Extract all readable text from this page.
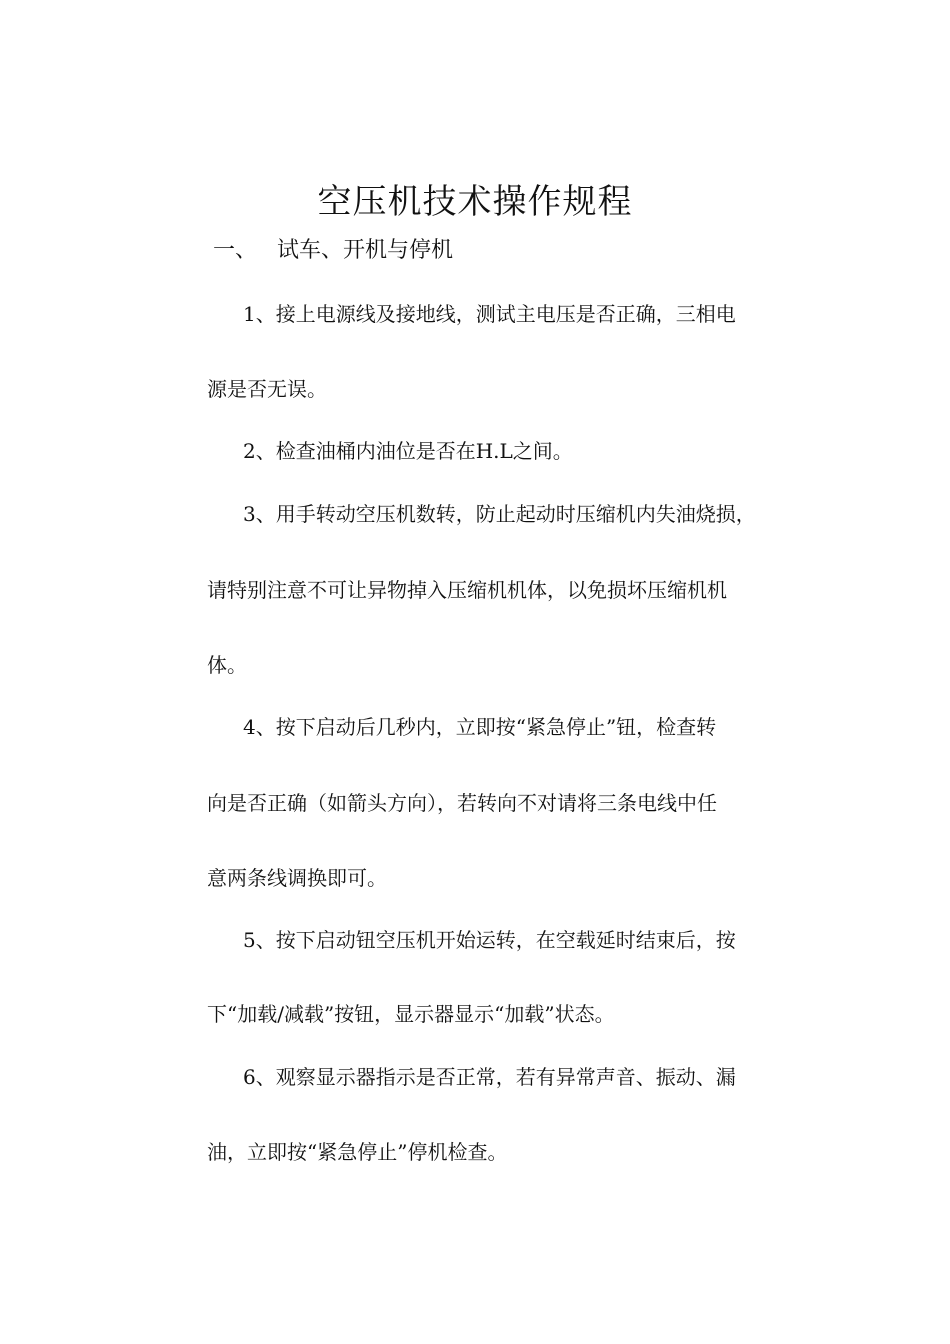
空压机技术操作规程
一、 试车、开机与停机
1、接上电源线及接地线，测试主电压是否正确，三相电
源是否无误。
2、检查油桶内油位是否在H.L之间。
3、用手转动空压机数转，防止起动时压缩机内失油烧损，
请特别注意不可让异物掉入压缩机机体，以免损坏压缩机机
体。
4、按下启动后几秒内，立即按“紧急停止”钮，检查转
向是否正确（如箭头方向），若转向不对请将三条电线中任
意两条线调换即可。
5、按下启动钮空压机开始运转，在空载延时结束后，按
下“加载/减载”按钮，显示器显示“加载”状态。
6、观察显示器指示是否正常，若有异常声音、振动、漏
油，立即按“紧急停止”停机检查。
